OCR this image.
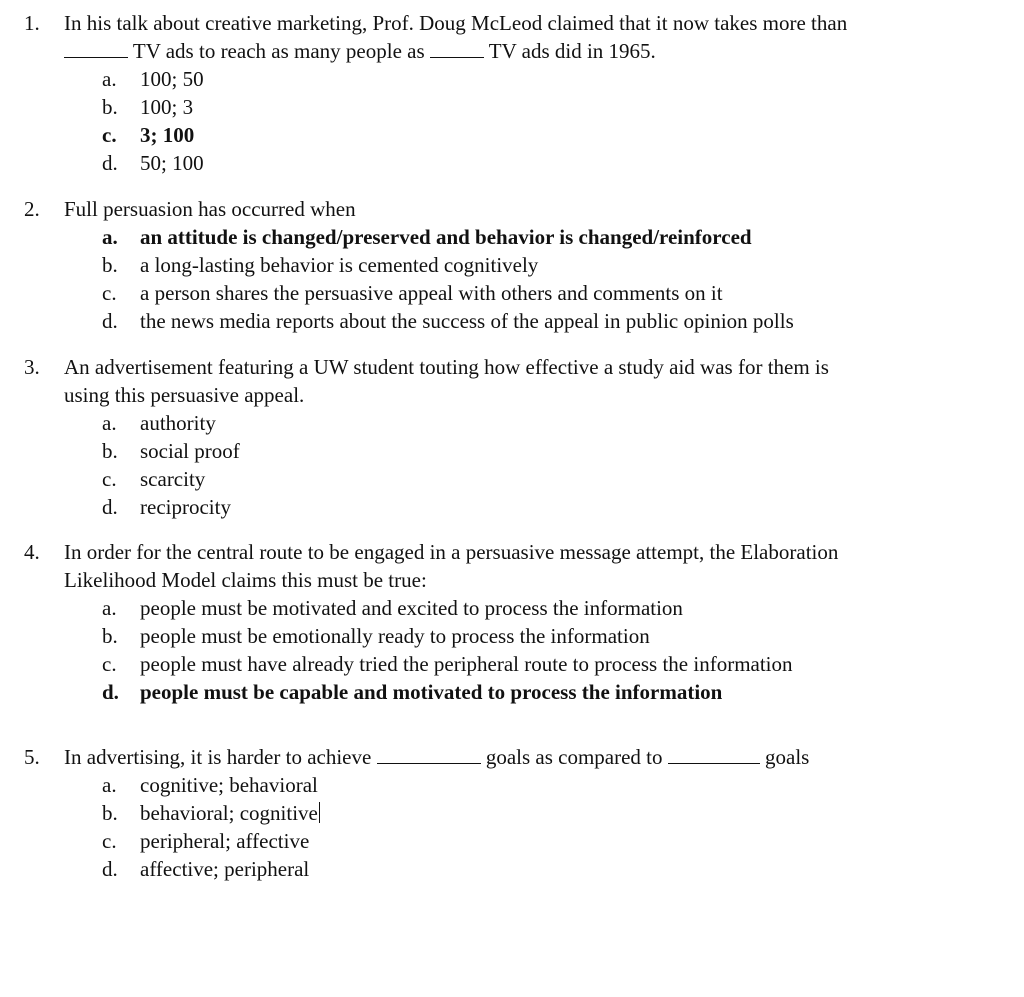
1.	In his talk about creative marketing, Prof. Doug McLeod claimed that it now takes more than
TV ads to reach as many people as	TV ads did in 1965.
a.	100; 50
b.	100; 3
c.	3; 100
d.	50; 100
2.	Full persuasion has occurred when
a.	an attitude is changed/preserved and behavior is changed/reinforced
b.	a long-lasting behavior is cemented cognitively
c.	a person shares the persuasive appeal with others and comments on it
d.	the news media reports about the success of the appeal in public opinion polls
3.	An advertisement featuring a UW student touting how effective a study aid was for them is
using this persuasive appeal.
a.	authority
b.	social proof
c.	scarcity
d.	reciprocity
4.	In order for the central route to be engaged in a persuasive message attempt, the Elaboration
Likelihood Model claims this must be true:
a.	people must be motivated and excited to process the information
b.	people must be emotionally ready to process the information
c.	people must have already tried the peripheral route to process the information
d.	people must be capable and motivated to process the information
5.	In advertising, it is harder to achieve	goals as compared to	goals
a.	cognitive; behavioral
b.	behavioral; cognitive
c.	peripheral; affective
d.	affective; peripheral
